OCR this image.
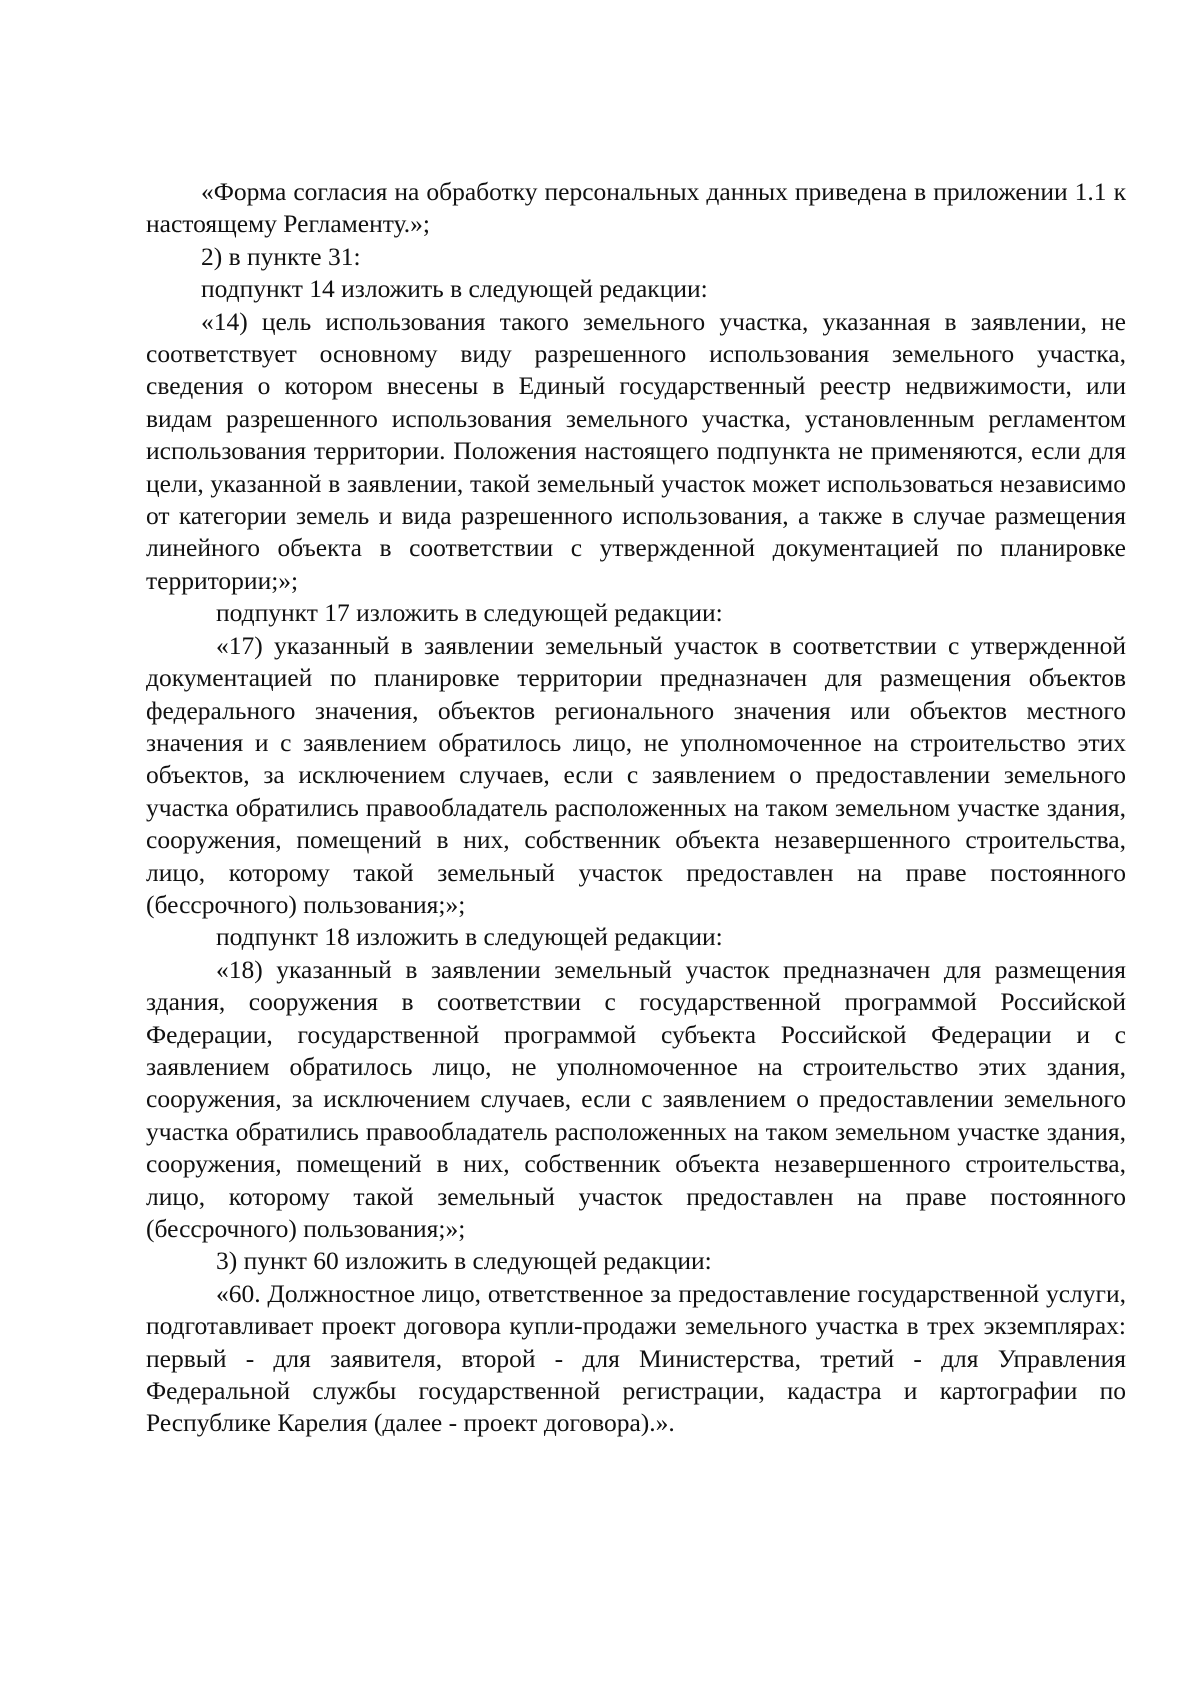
«Форма согласия на обработку персональных данных приведена в приложении 1.1 к настоящему Регламенту.»;

2) в пункте 31:

подпункт 14 изложить в следующей редакции:

«14) цель использования такого земельного участка, указанная в заявлении, не соответствует основному виду разрешенного использования земельного участка, сведения о котором внесены в Единый государственный реестр недвижимости, или видам разрешенного использования земельного участка, установленным регламентом использования территории. Положения настоящего подпункта не применяются, если для цели, указанной в заявлении, такой земельный участок может использоваться независимо от категории земель и вида разрешенного использования, а также в случае размещения линейного объекта в соответствии с утвержденной документацией по планировке территории;»;

подпункт 17 изложить в следующей редакции:

«17) указанный в заявлении земельный участок в соответствии с утвержденной документацией по планировке территории предназначен для размещения объектов федерального значения, объектов регионального значения или объектов местного значения и с заявлением обратилось лицо, не уполномоченное на строительство этих объектов, за исключением случаев, если с заявлением о предоставлении земельного участка обратились правообладатель расположенных на таком земельном участке здания, сооружения, помещений в них, собственник объекта незавершенного строительства, лицо, которому такой земельный участок предоставлен на праве постоянного (бессрочного) пользования;»;

подпункт 18 изложить в следующей редакции:

«18) указанный в заявлении земельный участок предназначен для размещения здания, сооружения в соответствии с государственной программой Российской Федерации, государственной программой субъекта Российской Федерации и с заявлением обратилось лицо, не уполномоченное на строительство этих здания, сооружения, за исключением случаев, если с заявлением о предоставлении земельного участка обратились правообладатель расположенных на таком земельном участке здания, сооружения, помещений в них, собственник объекта незавершенного строительства, лицо, которому такой земельный участок предоставлен на праве постоянного (бессрочного) пользования;»;

3) пункт 60 изложить в следующей редакции:

«60. Должностное лицо, ответственное за предоставление государственной услуги, подготавливает проект договора купли-продажи земельного участка в трех экземплярах: первый - для заявителя, второй - для Министерства, третий - для Управления Федеральной службы государственной регистрации, кадастра и картографии по Республике Карелия (далее - проект договора).».
